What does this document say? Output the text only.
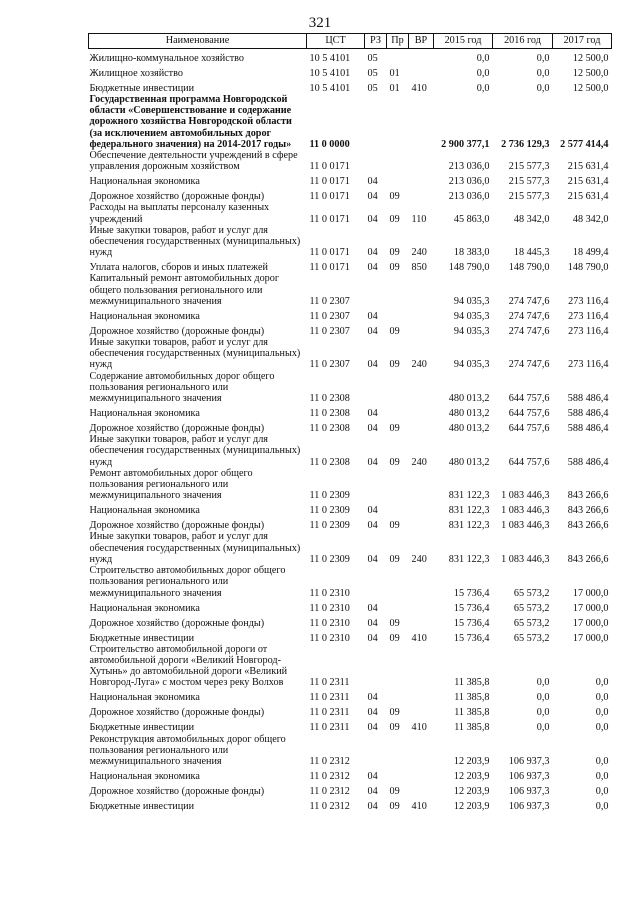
321
Наименование	ЦСТ	РЗ	Пр	ВР	2015 год	2016 год	2017 год
Жилищно-коммунальное хозяйство	10 5 4101	05			0,0	0,0	12 500,0
Жилищное хозяйство	10 5 4101	05	01		0,0	0,0	12 500,0
Бюджетные инвестиции	10 5 4101	05	01	410	0,0	0,0	12 500,0
Государственная программа Новгородской области «Совершенствование и содержание дорожного хозяйства Новгородской области (за исключением автомобильных дорог федерального значения) на 2014-2017 годы»	11 0 0000				2 900 377,1	2 736 129,3	2 577 414,4
Обеспечение деятельности учреждений в сфере управления дорожным хозяйством	11 0 0171				213 036,0	215 577,3	215 631,4
Национальная экономика	11 0 0171	04			213 036,0	215 577,3	215 631,4
Дорожное хозяйство (дорожные фонды)	11 0 0171	04	09		213 036,0	215 577,3	215 631,4
Расходы на выплаты персоналу казенных учреждений	11 0 0171	04	09	110	45 863,0	48 342,0	48 342,0
Иные закупки товаров, работ и услуг для обеспечения государственных (муниципальных) нужд	11 0 0171	04	09	240	18 383,0	18 445,3	18 499,4
Уплата налогов, сборов и иных платежей	11 0 0171	04	09	850	148 790,0	148 790,0	148 790,0
Капитальный ремонт автомобильных дорог общего пользования регионального или межмуниципального значения	11 0 2307				94 035,3	274 747,6	273 116,4
Национальная экономика	11 0 2307	04			94 035,3	274 747,6	273 116,4
Дорожное хозяйство (дорожные фонды)	11 0 2307	04	09		94 035,3	274 747,6	273 116,4
Иные закупки товаров, работ и услуг для обеспечения государственных (муниципальных) нужд	11 0 2307	04	09	240	94 035,3	274 747,6	273 116,4
Содержание автомобильных дорог общего пользования регионального или межмуниципального значения	11 0 2308				480 013,2	644 757,6	588 486,4
Национальная экономика	11 0 2308	04			480 013,2	644 757,6	588 486,4
Дорожное хозяйство (дорожные фонды)	11 0 2308	04	09		480 013,2	644 757,6	588 486,4
Иные закупки товаров, работ и услуг для обеспечения государственных (муниципальных) нужд	11 0 2308	04	09	240	480 013,2	644 757,6	588 486,4
Ремонт автомобильных дорог общего пользования регионального или межмуниципального значения	11 0 2309				831 122,3	1 083 446,3	843 266,6
Национальная экономика	11 0 2309	04			831 122,3	1 083 446,3	843 266,6
Дорожное хозяйство (дорожные фонды)	11 0 2309	04	09		831 122,3	1 083 446,3	843 266,6
Иные закупки товаров, работ и услуг для обеспечения государственных (муниципальных) нужд	11 0 2309	04	09	240	831 122,3	1 083 446,3	843 266,6
Строительство автомобильных дорог общего пользования регионального или межмуниципального значения	11 0 2310				15 736,4	65 573,2	17 000,0
Национальная экономика	11 0 2310	04			15 736,4	65 573,2	17 000,0
Дорожное хозяйство (дорожные фонды)	11 0 2310	04	09		15 736,4	65 573,2	17 000,0
Бюджетные инвестиции	11 0 2310	04	09	410	15 736,4	65 573,2	17 000,0
Строительство автомобильной дороги от автомобильной дороги «Великий Новгород-Хутынь» до автомобильной дороги «Великий Новгород-Луга» с мостом через реку Волхов	11 0 2311				11 385,8	0,0	0,0
Национальная экономика	11 0 2311	04			11 385,8	0,0	0,0
Дорожное хозяйство (дорожные фонды)	11 0 2311	04	09		11 385,8	0,0	0,0
Бюджетные инвестиции	11 0 2311	04	09	410	11 385,8	0,0	0,0
Реконструкция автомобильных дорог общего пользования регионального или межмуниципального значения	11 0 2312				12 203,9	106 937,3	0,0
Национальная экономика	11 0 2312	04			12 203,9	106 937,3	0,0
Дорожное хозяйство (дорожные фонды)	11 0 2312	04	09		12 203,9	106 937,3	0,0
Бюджетные инвестиции	11 0 2312	04	09	410	12 203,9	106 937,3	0,0
